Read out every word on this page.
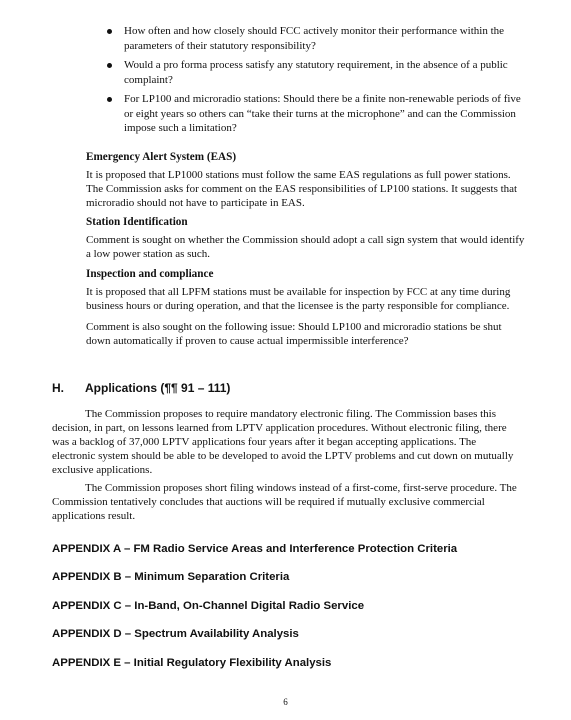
How often and how closely should FCC actively monitor their performance within the parameters of their statutory responsibility?
Would a pro forma process satisfy any statutory requirement, in the absence of a public complaint?
For LP100 and microradio stations: Should there be a finite non-renewable periods of five or eight years so others can “take their turns at the microphone” and can the Commission impose such a limitation?

Emergency Alert System (EAS)

It is proposed that LP1000 stations must follow the same EAS regulations as full power stations. The Commission asks for comment on the EAS responsibilities of LP100 stations. It suggests that microradio should not have to participate in EAS.

Station Identification

Comment is sought on whether the Commission should adopt a call sign system that would identify a low power station as such.

Inspection and compliance

It is proposed that all LPFM stations must be available for inspection by FCC at any time during business hours or during operation, and that the licensee is the party responsible for compliance.

Comment is also sought on the following issue: Should LP100 and microradio stations be shut down automatically if proven to cause actual impermissible interference?

H.	Applications (¶¶ 91 – 111)

The Commission proposes to require mandatory electronic filing. The Commission bases this decision, in part, on lessons learned from LPTV application procedures. Without electronic filing, there was a backlog of 37,000 LPTV applications four years after it began accepting applications. The electronic system should be able to be developed to avoid the LPTV problems and cut down on mutually exclusive applications.

The Commission proposes short filing windows instead of a first-come, first-serve procedure. The Commission tentatively concludes that auctions will be required if mutually exclusive commercial applications result.

APPENDIX A – FM Radio Service Areas and Interference Protection Criteria
APPENDIX B – Minimum Separation Criteria
APPENDIX C – In-Band, On-Channel Digital Radio Service
APPENDIX D – Spectrum Availability Analysis
APPENDIX E – Initial Regulatory Flexibility Analysis
6
